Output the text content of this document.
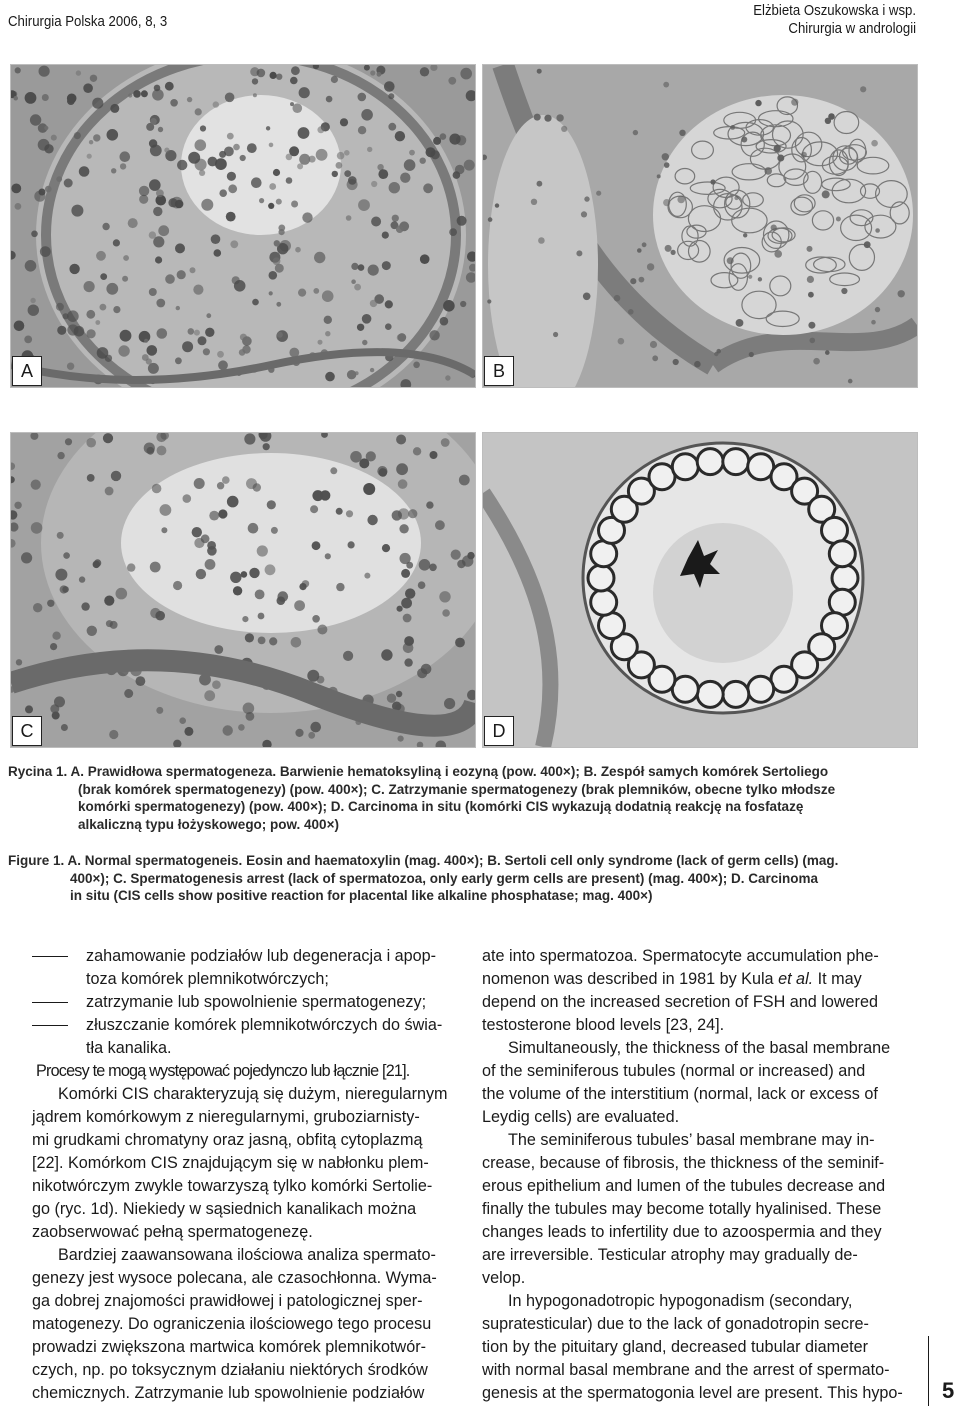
Chirurgia Polska 2006, 8, 3
Elżbieta Oszukowska i wsp.
Chirurgia w andrologii
A	B
C	D
Rycina 1. A. Prawidłowa spermatogeneza. Barwienie hematoksyliną i eozyną (pow. 400×); B. Zespół samych komórek Sertoliego
(brak komórek spermatogenezy) (pow. 400×); C. Zatrzymanie spermatogenezy (brak plemników, obecne tylko młodsze
komórki spermatogenezy) (pow. 400×); D. Carcinoma in situ (komórki CIS wykazują dodatnią reakcję na fosfatazę
alkaliczną typu łożyskowego; pow. 400×)
Figure 1. A. Normal spermatogeneis. Eosin and haematoxylin (mag. 400×); B. Sertoli cell only syndrome (lack of germ cells) (mag.
400×); C. Spermatogenesis arrest (lack of spermatozoa, only early germ cells are present) (mag. 400×); D. Carcinoma
in situ (CIS cells show positive reaction for placental like alkaline phosphatase; mag. 400×)
zahamowanie podziałów lub degeneracja i apop-
toza komórek plemnikotwórczych;
zatrzymanie lub spowolnienie spermatogenezy;
złuszczanie komórek plemnikotwórczych do świa-
tła kanalika.
Procesy te mogą występować pojedynczo lub łącznie [21].
Komórki CIS charakteryzują się dużym, nieregularnym
jądrem komórkowym z nieregularnymi, gruboziarnisty-
mi grudkami chromatyny oraz jasną, obfitą cytoplazmą
[22]. Komórkom CIS znajdującym się w nabłonku plem-
nikotwórczym zwykle towarzyszą tylko komórki Sertolie-
go (ryc. 1d). Niekiedy w sąsiednich kanalikach można
zaobserwować pełną spermatogenezę.
Bardziej zaawansowana ilościowa analiza spermato-
genezy jest wysoce polecana, ale czasochłonna. Wyma-
ga dobrej znajomości prawidłowej i patologicznej sper-
matogenezy. Do ograniczenia ilościowego tego procesu
prowadzi zwiększona martwica komórek plemnikotwór-
czych, np. po toksycznym działaniu niektórych środków
chemicznych. Zatrzymanie lub spowolnienie podziałów
ate into spermatozoa. Spermatocyte accumulation phe-
nomenon was described in 1981 by Kula et al. It may
depend on the increased secretion of FSH and lowered
testosterone blood levels [23, 24].
Simultaneously, the thickness of the basal membrane
of the seminiferous tubules (normal or increased) and
the volume of the interstitium (normal, lack or excess of
Leydig cells) are evaluated.
The seminiferous tubules’ basal membrane may in-
crease, because of fibrosis, the thickness of the seminif-
erous epithelium and lumen of the tubules decrease and
finally the tubules may become totally hyalinised. These
changes leads to infertility due to azoospermia and they
are irreversible. Testicular atrophy may gradually de-
velop.
In hypogonadotropic hypogonadism (secondary,
supratesticular) due to the lack of gonadotropin secre-
tion by the pituitary gland, decreased tubular diameter
with normal basal membrane and the arrest of spermato-
genesis at the spermatogonia level are present. This hypo-	5
